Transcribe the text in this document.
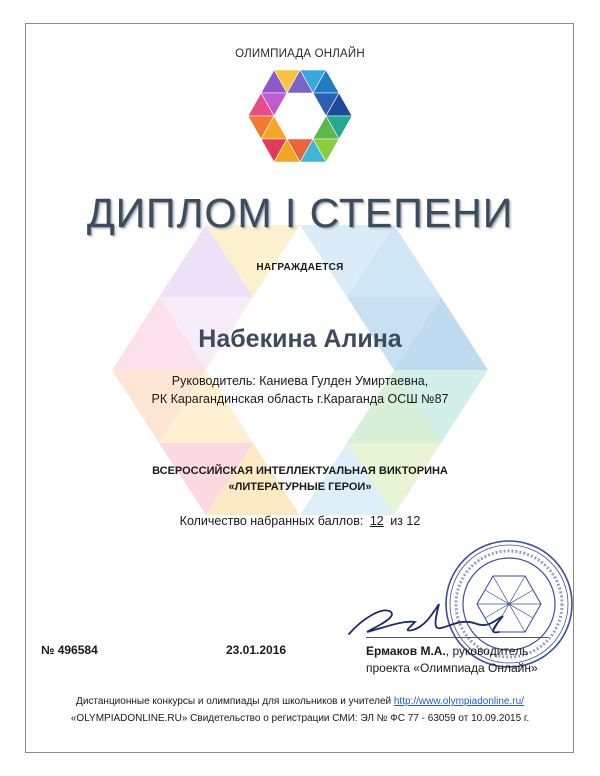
ОЛИМПИАДА ОНЛАЙН
ДИПЛОМ I СТЕПЕНИ
НАГРАЖДАЕТСЯ
Набекина Алина
Руководитель: Каниева Гулден Умиртаевна,
РК Карагандинская область г.Караганда ОСШ №87
ВСЕРОССИЙСКАЯ ИНТЕЛЛЕКТУАЛЬНАЯ ВИКТОРИНА
«ЛИТЕРАТУРНЫЕ ГЕРОИ»
Количество набранных баллов: 12 из 12
№ 496584	23.01.2016	Ермаков М.А., руководитель
проекта «Олимпиада Онлайн»
Дистанционные конкурсы и олимпиады для школьников и учителей http://www.olympiadonline.ru/
«OLYMPIADONLINE.RU» Свидетельство о регистрации СМИ: ЭЛ № ФС 77 - 63059 от 10.09.2015 г.
